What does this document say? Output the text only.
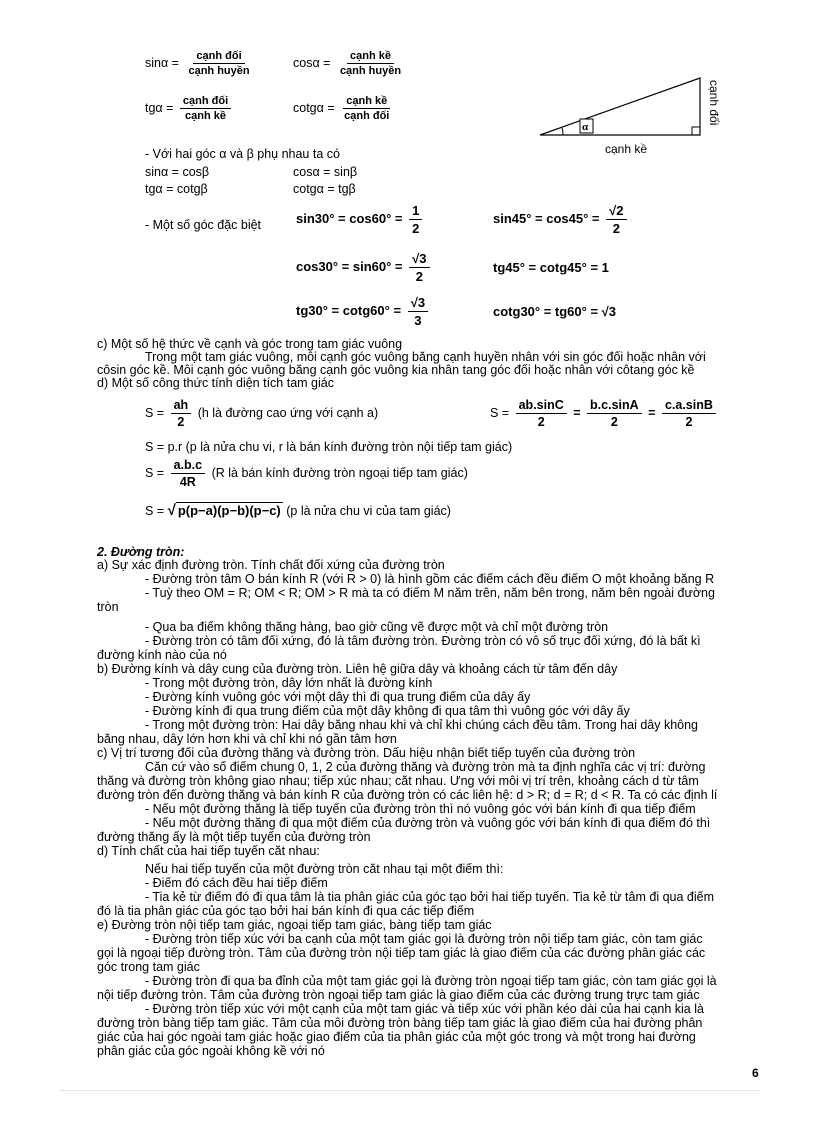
$\sin\alpha = \frac{\text{cạnh đối}}{\text{cạnh huyền}}$	$\cos\alpha = \frac{\text{cạnh kề}}{\text{cạnh huyền}}$
$tg\alpha = \frac{\text{cạnh đối}}{\text{cạnh kề}}$	$\cot g\alpha = \frac{\text{cạnh kề}}{\text{cạnh đối}}$
α
cạnh kề
cạnh đối
- Với hai góc α và β phụ nhau ta có
sinα = cosβ	cosα = sinβ
tgα = cotgβ	cotgα = tgβ
- Một số góc đặc biệt	$\sin 30^\circ = \cos 60^\circ = \frac{1}{2}$	$\sin 45^\circ = \cos 45^\circ = \frac{√2}{2}$
$\cos 30^\circ = \sin 60^\circ = \frac{√3}{2}$	tg45° = cotg45° = 1
$tg30^\circ = \cot g60^\circ = \frac{√3}{3}$	cotg30° = tg60° = √3
c) Một số hệ thức về cạnh và góc trong tam giác vuông
Trong một tam giác vuông, mỗi cạnh góc vuông bằng cạnh huyền nhân với sin góc đối hoặc nhân với
côsin góc kề. Mỗi cạnh góc vuông bằng cạnh góc vuông kia nhân tang góc đối hoặc nhân với côtang góc kề
d) Một số công thức tính diện tích tam giác
$S = \frac{ah}{2} (h$ là đường cao ứng với cạnh a)	$S = \frac{ab.\sin C}{2} = \frac{b.c.\sin A}{2} = \frac{c.a.\sin B}{2}$
S = p.r (p là nửa chu vi, r là bán kính đường tròn nội tiếp tam giác)
$S = \frac{a.b.c}{4R} (R$ là bán kính đường tròn ngoại tiếp tam giác)
S = √ p(p−a)(p−b)(p−c) (p là nửa chu vi của tam giác)
2. Đường tròn:
a) Sự xác định đường tròn. Tính chất đối xứng của đường tròn
- Đường tròn tâm O bán kính R (với R > 0) là hình gồm các điểm cách đều điểm O một khoảng bằng R
- Tuỳ theo OM = R; OM < R; OM > R mà ta có điểm M nằm trên, nằm bên trong, nằm bên ngoài đường
tròn
- Qua ba điểm không thẳng hàng, bao giờ cũng vẽ được một và chỉ một đường tròn
- Đường tròn có tâm đối xứng, đó là tâm đường tròn. Đường tròn có vô số trục đối xứng, đó là bất kì
đường kính nào của nó
b) Đường kính và dây cung của đường tròn. Liên hệ giữa dây và khoảng cách từ tâm đến dây
- Trong một đường tròn, dây lớn nhất là đường kính
- Đường kính vuông góc với một dây thì đi qua trung điểm của dây ấy
- Đường kính đi qua trung điểm của một dây không đi qua tâm thì vuông góc với dây ấy
- Trong một đường tròn: Hai dây bằng nhau khi và chỉ khi chúng cách đều tâm. Trong hai dây không
bằng nhau, dây lớn hơn khi và chỉ khi nó gần tâm hơn
c) Vị trí tương đối của đường thẳng và đường tròn. Dấu hiệu nhận biết tiếp tuyến của đường tròn
Căn cứ vào số điểm chung 0, 1, 2 của đường thẳng và đường tròn mà ta định nghĩa các vị trí: đường
thẳng và đường tròn không giao nhau; tiếp xúc nhau; cắt nhau. Ứng với mỗi vị trí trên, khoảng cách d từ tâm
đường tròn đến đường thẳng và bán kính R của đường tròn có các liên hệ: d > R; d = R; d < R. Ta có các định lí
- Nếu một đường thẳng là tiếp tuyến của đường tròn thì nó vuông góc với bán kính đi qua tiếp điểm
- Nếu một đường thẳng đi qua một điểm của đường tròn và vuông góc với bán kính đi qua điểm đó thì
đường thẳng ấy là một tiếp tuyến của đường tròn
d) Tính chất của hai tiếp tuyến cắt nhau:
Nếu hai tiếp tuyến của một đường tròn cắt nhau tại một điểm thì:
- Điểm đó cách đều hai tiếp điểm
- Tia kẻ từ điểm đó đi qua tâm là tia phân giác của góc tạo bởi hai tiếp tuyến. Tia kẻ từ tâm đi qua điểm
đó là tia phân giác của góc tạo bởi hai bán kính đi qua các tiếp điểm
e) Đường tròn nội tiếp tam giác, ngoại tiếp tam giác, bàng tiếp tam giác
- Đường tròn tiếp xúc với ba cạnh của một tam giác gọi là đường tròn nội tiếp tam giác, còn tam giác
gọi là ngoại tiếp đường tròn. Tâm của đường tròn nội tiếp tam giác là giao điểm của các đường phân giác các
góc trong tam giác
- Đường tròn đi qua ba đỉnh của một tam giác gọi là đường tròn ngoại tiếp tam giác, còn tam giác gọi là
nội tiếp đường tròn. Tâm của đường tròn ngoại tiếp tam giác là giao điểm của các đường trung trực tam giác
- Đường tròn tiếp xúc với một cạnh của một tam giác và tiếp xúc với phần kéo dài của hai cạnh kia là
đường tròn bàng tiếp tam giác. Tâm của mỗi đường tròn bàng tiếp tam giác là giao điểm của hai đường phân
giác của hai góc ngoài tam giác hoặc giao điểm của tia phân giác của một góc trong và một trong hai đường
phân giác của góc ngoài không kề với nó
6
